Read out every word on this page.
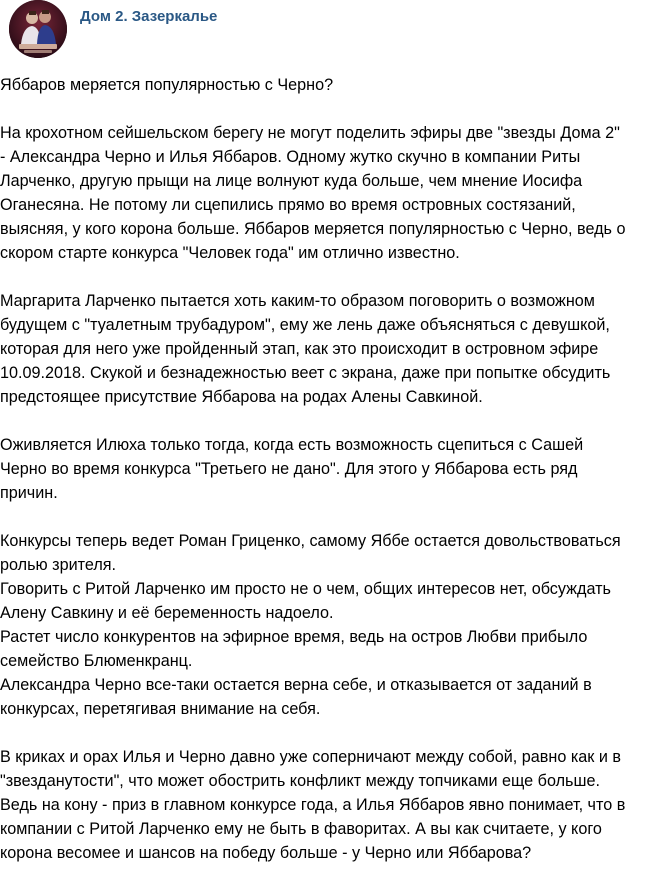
Дом 2. Зазеркалье

Яббаров меряется популярностью с Черно?

На крохотном сейшельском берегу не могут поделить эфиры две "звезды Дома 2"
- Александра Черно и Илья Яббаров. Одному жутко скучно в компании Риты
Ларченко, другую прыщи на лице волнуют куда больше, чем мнение Иосифа
Оганесяна. Не потому ли сцепились прямо во время островных состязаний,
выясняя, у кого корона больше. Яббаров меряется популярностью с Черно, ведь о
скором старте конкурса "Человек года" им отлично известно.

Маргарита Ларченко пытается хоть каким-то образом поговорить о возможном
будущем с "туалетным трубадуром", ему же лень даже объясняться с девушкой,
которая для него уже пройденный этап, как это происходит в островном эфире
10.09.2018. Скукой и безнадежностью веет с экрана, даже при попытке обсудить
предстоящее присутствие Яббарова на родах Алены Савкиной.

Оживляется Илюха только тогда, когда есть возможность сцепиться с Сашей
Черно во время конкурса "Третьего не дано". Для этого у Яббарова есть ряд
причин.

Конкурсы теперь ведет Роман Гриценко, самому Яббе остается довольствоваться
ролью зрителя.
Говорить с Ритой Ларченко им просто не о чем, общих интересов нет, обсуждать
Алену Савкину и её беременность надоело.
Растет число конкурентов на эфирное время, ведь на остров Любви прибыло
семейство Блюменкранц.
Александра Черно все-таки остается верна себе, и отказывается от заданий в
конкурсах, перетягивая внимание на себя.

В криках и орах Илья и Черно давно уже соперничают между собой, равно как и в
"звезданутости", что может обострить конфликт между топчиками еще больше.
Ведь на кону - приз в главном конкурсе года, а Илья Яббаров явно понимает, что в
компании с Ритой Ларченко ему не быть в фаворитах. А вы как считаете, у кого
корона весомее и шансов на победу больше - у Черно или Яббарова?
